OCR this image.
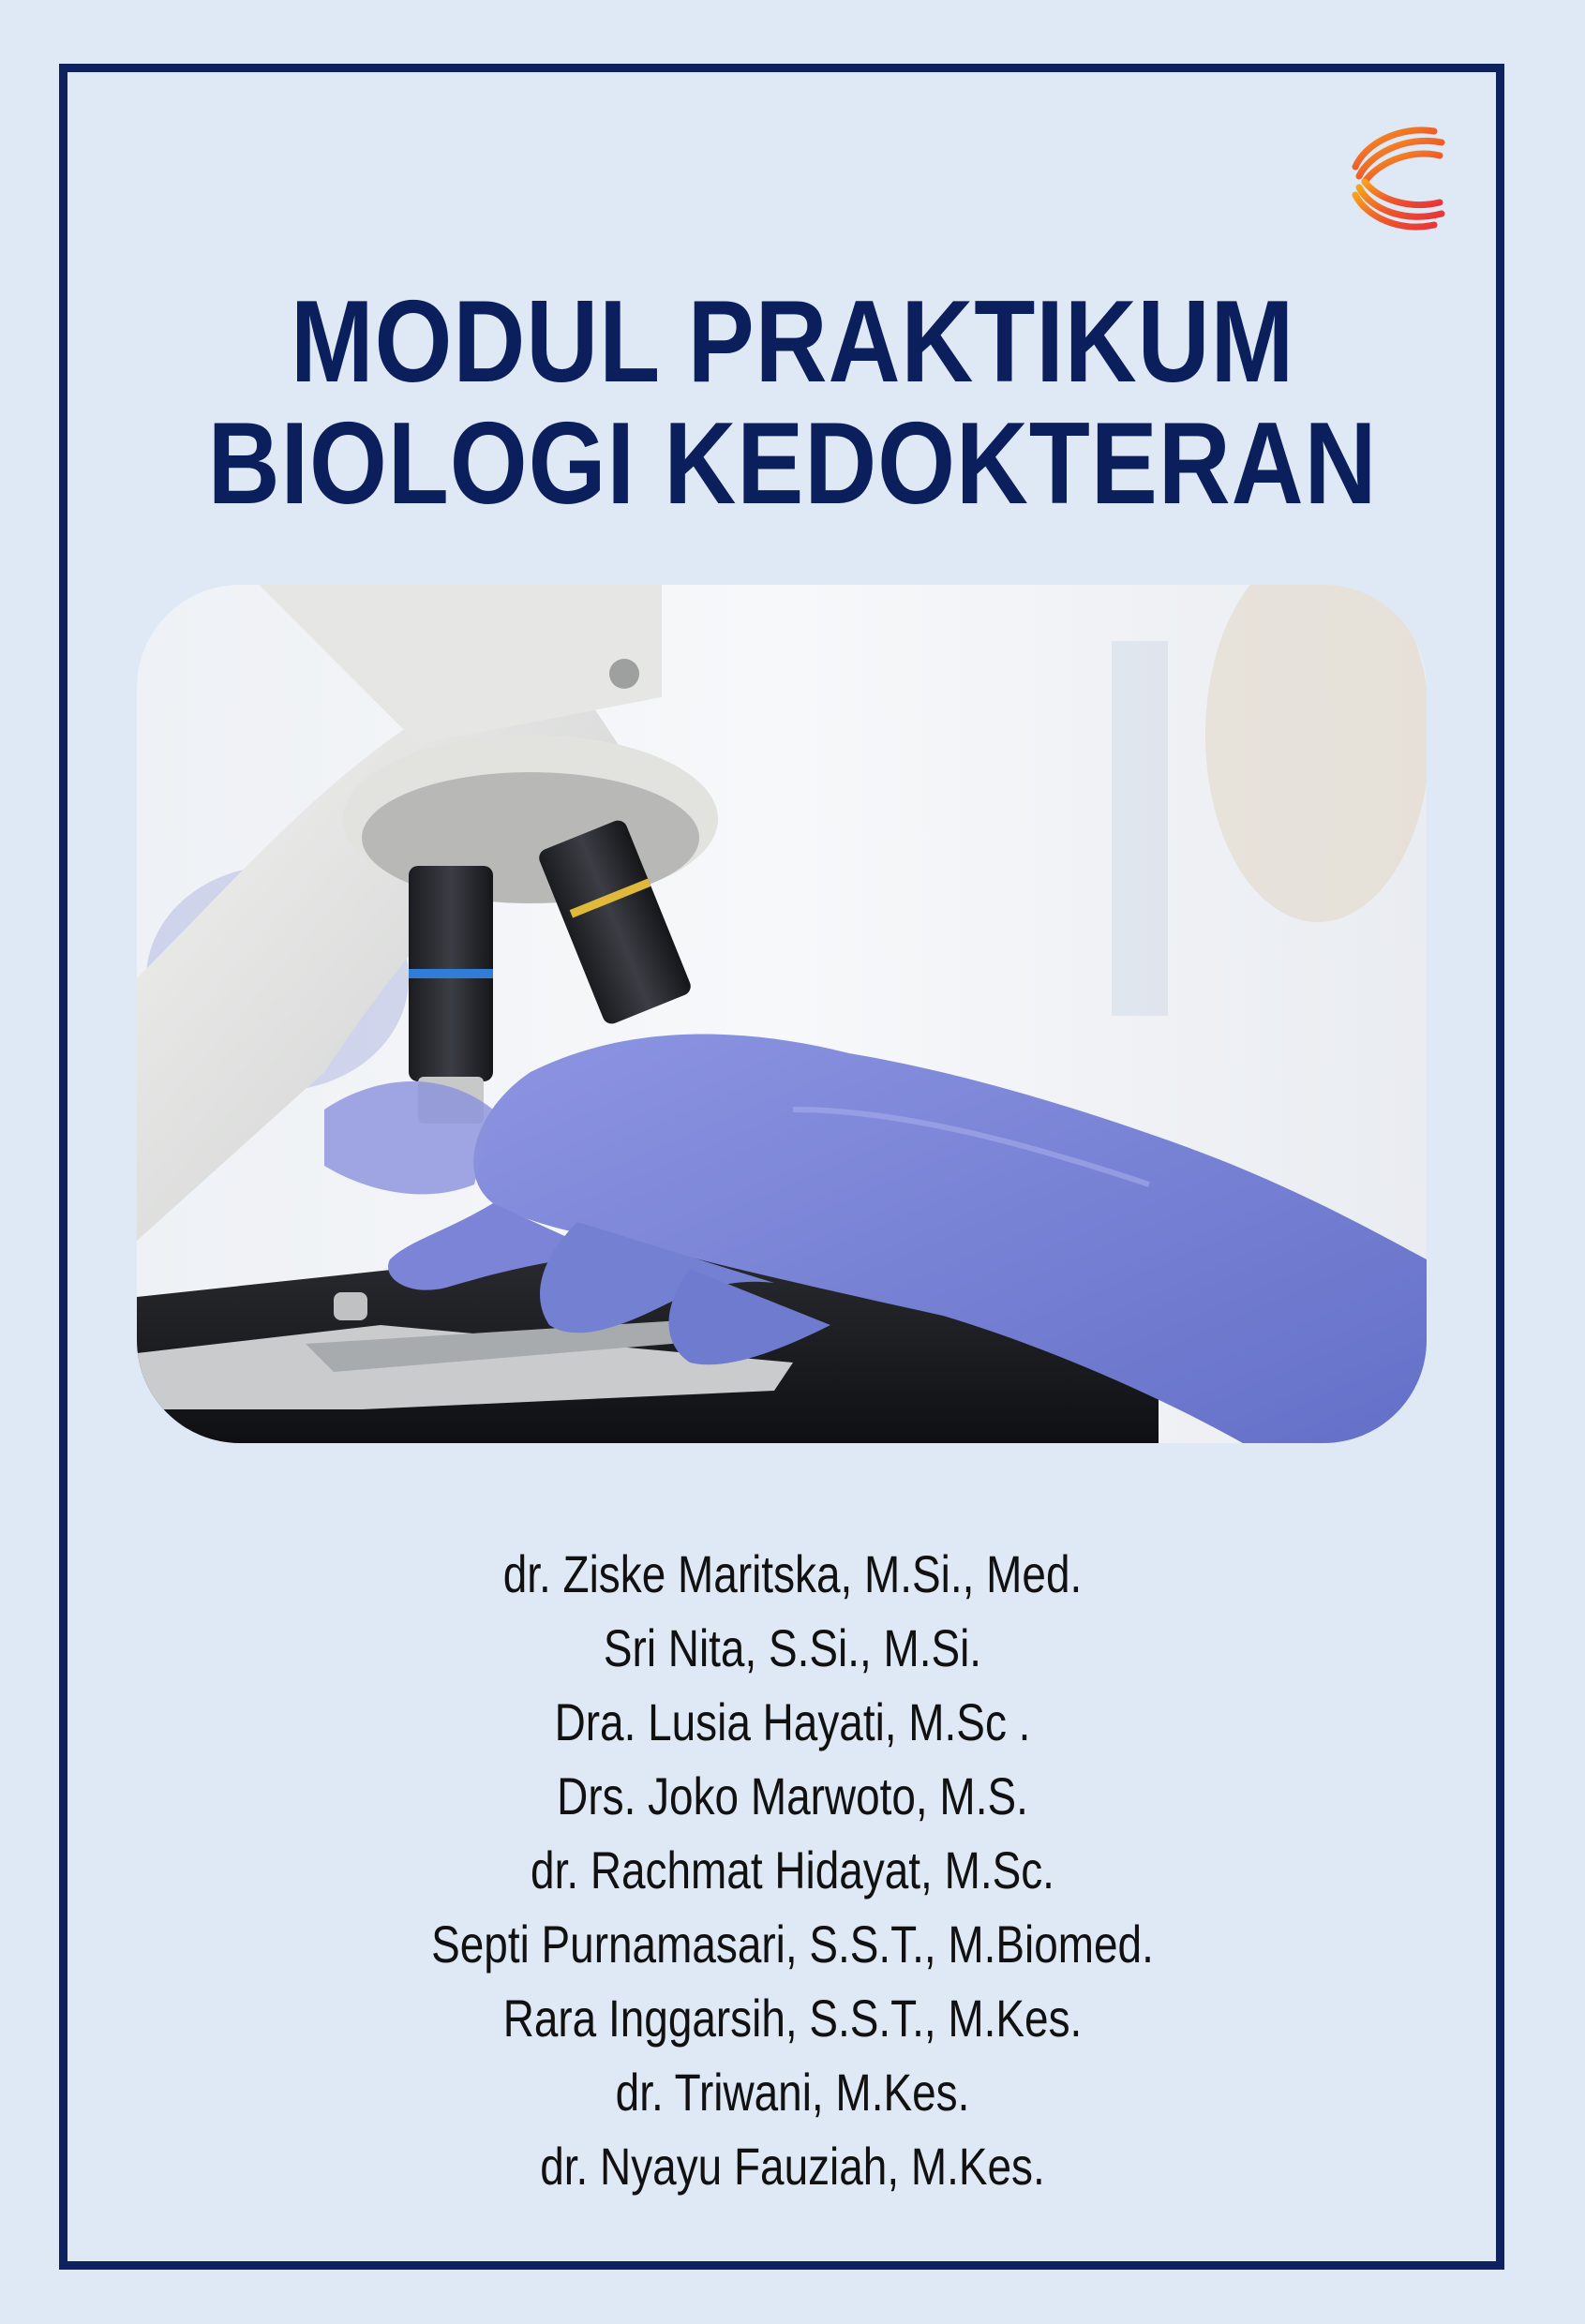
MODUL PRAKTIKUM
BIOLOGI KEDOKTERAN
dr. Ziske Maritska, M.Si., Med.
Sri Nita, S.Si., M.Si.
Dra. Lusia Hayati, M.Sc .
Drs. Joko Marwoto, M.S.
dr. Rachmat Hidayat, M.Sc.
Septi Purnamasari, S.S.T., M.Biomed.
Rara Inggarsih, S.S.T., M.Kes.
dr. Triwani, M.Kes.
dr. Nyayu Fauziah, M.Kes.
